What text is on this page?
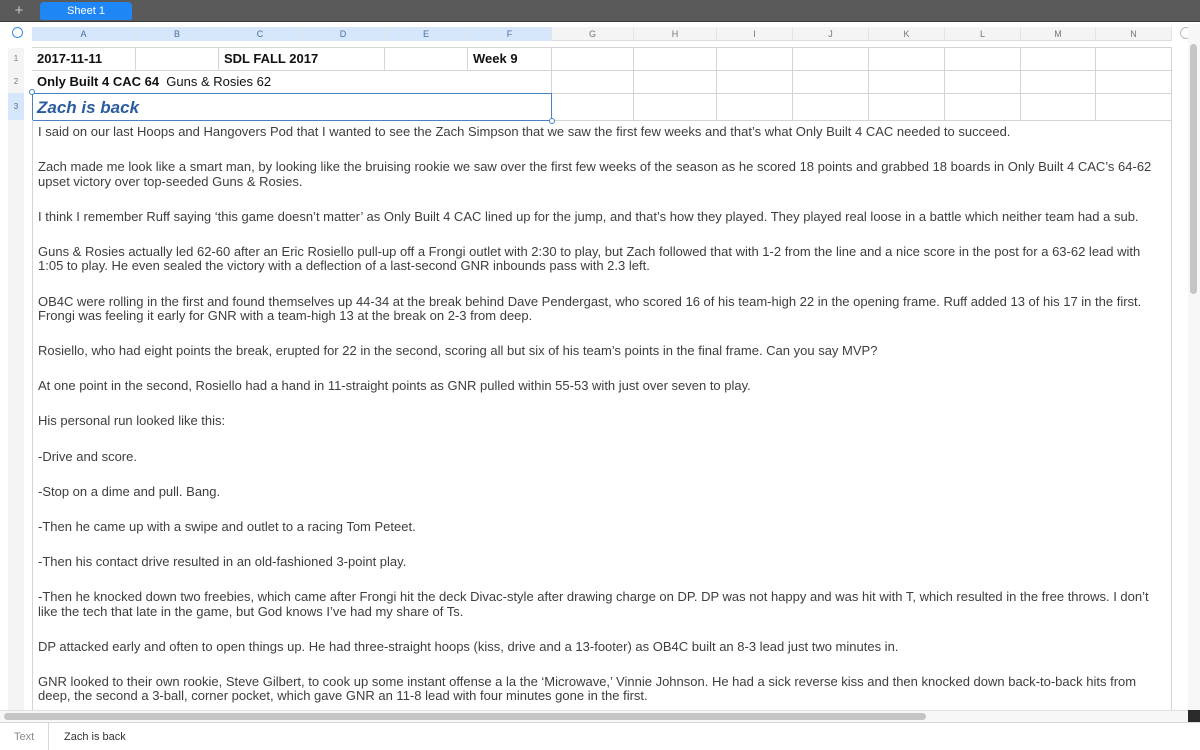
+	Sheet 1
A	B	C	D	E	F	G	H	I	J	K	L	M	N
1
2
3
2017-11-11	SDL FALL 2017	Week 9
Only Built 4 CAC 64  Guns & Rosies 62
Zach is back

I said on our last Hoops and Hangovers Pod that I wanted to see the Zach Simpson that we saw the first few weeks and that’s what Only Built 4 CAC needed to succeed.

Zach made me look like a smart man, by looking like the bruising rookie we saw over the first few weeks of the season as he scored 18 points and grabbed 18 boards in Only Built 4 CAC’s 64-62 upset victory over top-seeded Guns & Rosies.

I think I remember Ruff saying ‘this game doesn’t matter’ as Only Built 4 CAC lined up for the jump, and that’s how they played. They played real loose in a battle which neither team had a sub.

Guns & Rosies actually led 62-60 after an Eric Rosiello pull-up off a Frongi outlet with 2:30 to play, but Zach followed that with 1-2 from the line and a nice score in the post for a 63-62 lead with 1:05 to play. He even sealed the victory with a deflection of a last-second GNR inbounds pass with 2.3 left.

OB4C were rolling in the first and found themselves up 44-34 at the break behind Dave Pendergast, who scored 16 of his team-high 22 in the opening frame. Ruff added 13 of his 17 in the first. Frongi was feeling it early for GNR with a team-high 13 at the break on 2-3 from deep.

Rosiello, who had eight points the break, erupted for 22 in the second, scoring all but six of his team’s points in the final frame. Can you say MVP?

At one point in the second, Rosiello had a hand in 11-straight points as GNR pulled within 55-53 with just over seven to play.

His personal run looked like this:

-Drive and score.

-Stop on a dime and pull. Bang.

-Then he came up with a swipe and outlet to a racing Tom Peteet.

-Then his contact drive resulted in an old-fashioned 3-point play.

-Then he knocked down two freebies, which came after Frongi hit the deck Divac-style after drawing charge on DP. DP was not happy and was hit with T, which resulted in the free throws. I don’t like the tech that late in the game, but God knows I’ve had my share of Ts.

DP attacked early and often to open things up. He had three-straight hoops (kiss, drive and a 13-footer) as OB4C built an 8-3 lead just two minutes in.

GNR looked to their own rookie, Steve Gilbert, to cook up some instant offense a la the ‘Microwave,’ Vinnie Johnson. He had a sick reverse kiss and then knocked down back-to-back hits from deep, the second a 3-ball, corner pocket, which gave GNR an 11-8 lead with four minutes gone in the first.

Text	Zach is back
